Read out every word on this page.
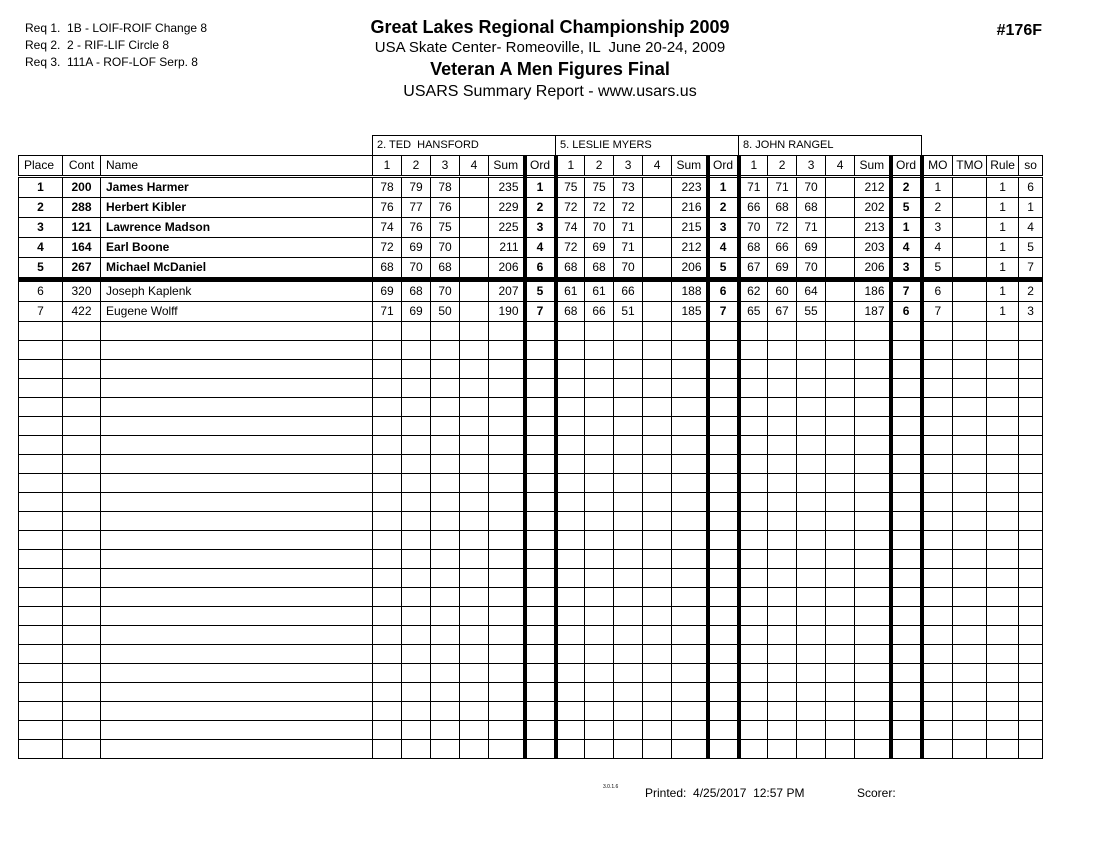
Req 1.  1B - LOIF-ROIF Change 8
Req 2.  2 - RIF-LIF Circle 8
Req 3.  111A - ROF-LOF Serp. 8
Great Lakes Regional Championship 2009
USA Skate Center- Romeoville, IL  June 20-24, 2009
Veteran A Men Figures Final
USARS Summary Report - www.usars.us
#176F
			2. TED  HANSFORD						5. LESLIE MYERS						8. JOHN RANGEL									
Place	Cont	Name	1	2	3	4	Sum	Ord	1	2	3	4	Sum	Ord	1	2	3	4	Sum	Ord	MO	TMO	Rule	so
1	200	James Harmer	78	79	78		235	1	75	75	73		223	1	71	71	70		212	2	1		1	6
2	288	Herbert Kibler	76	77	76		229	2	72	72	72		216	2	66	68	68		202	5	2		1	1
3	121	Lawrence Madson	74	76	75		225	3	74	70	71		215	3	70	72	71		213	1	3		1	4
4	164	Earl Boone	72	69	70		211	4	72	69	71		212	4	68	66	69		203	4	4		1	5
5	267	Michael McDaniel	68	70	68		206	6	68	68	70		206	5	67	69	70		206	3	5		1	7
6	320	Joseph Kaplenk	69	68	70		207	5	61	61	66		188	6	62	60	64		186	7	6		1	2
7	422	Eugene Wolff	71	69	50		190	7	68	66	51		185	7	65	67	55		187	6	7		1	3

3.0.1.6 Printed:  4/25/2017  12:57 PM	Scorer:
